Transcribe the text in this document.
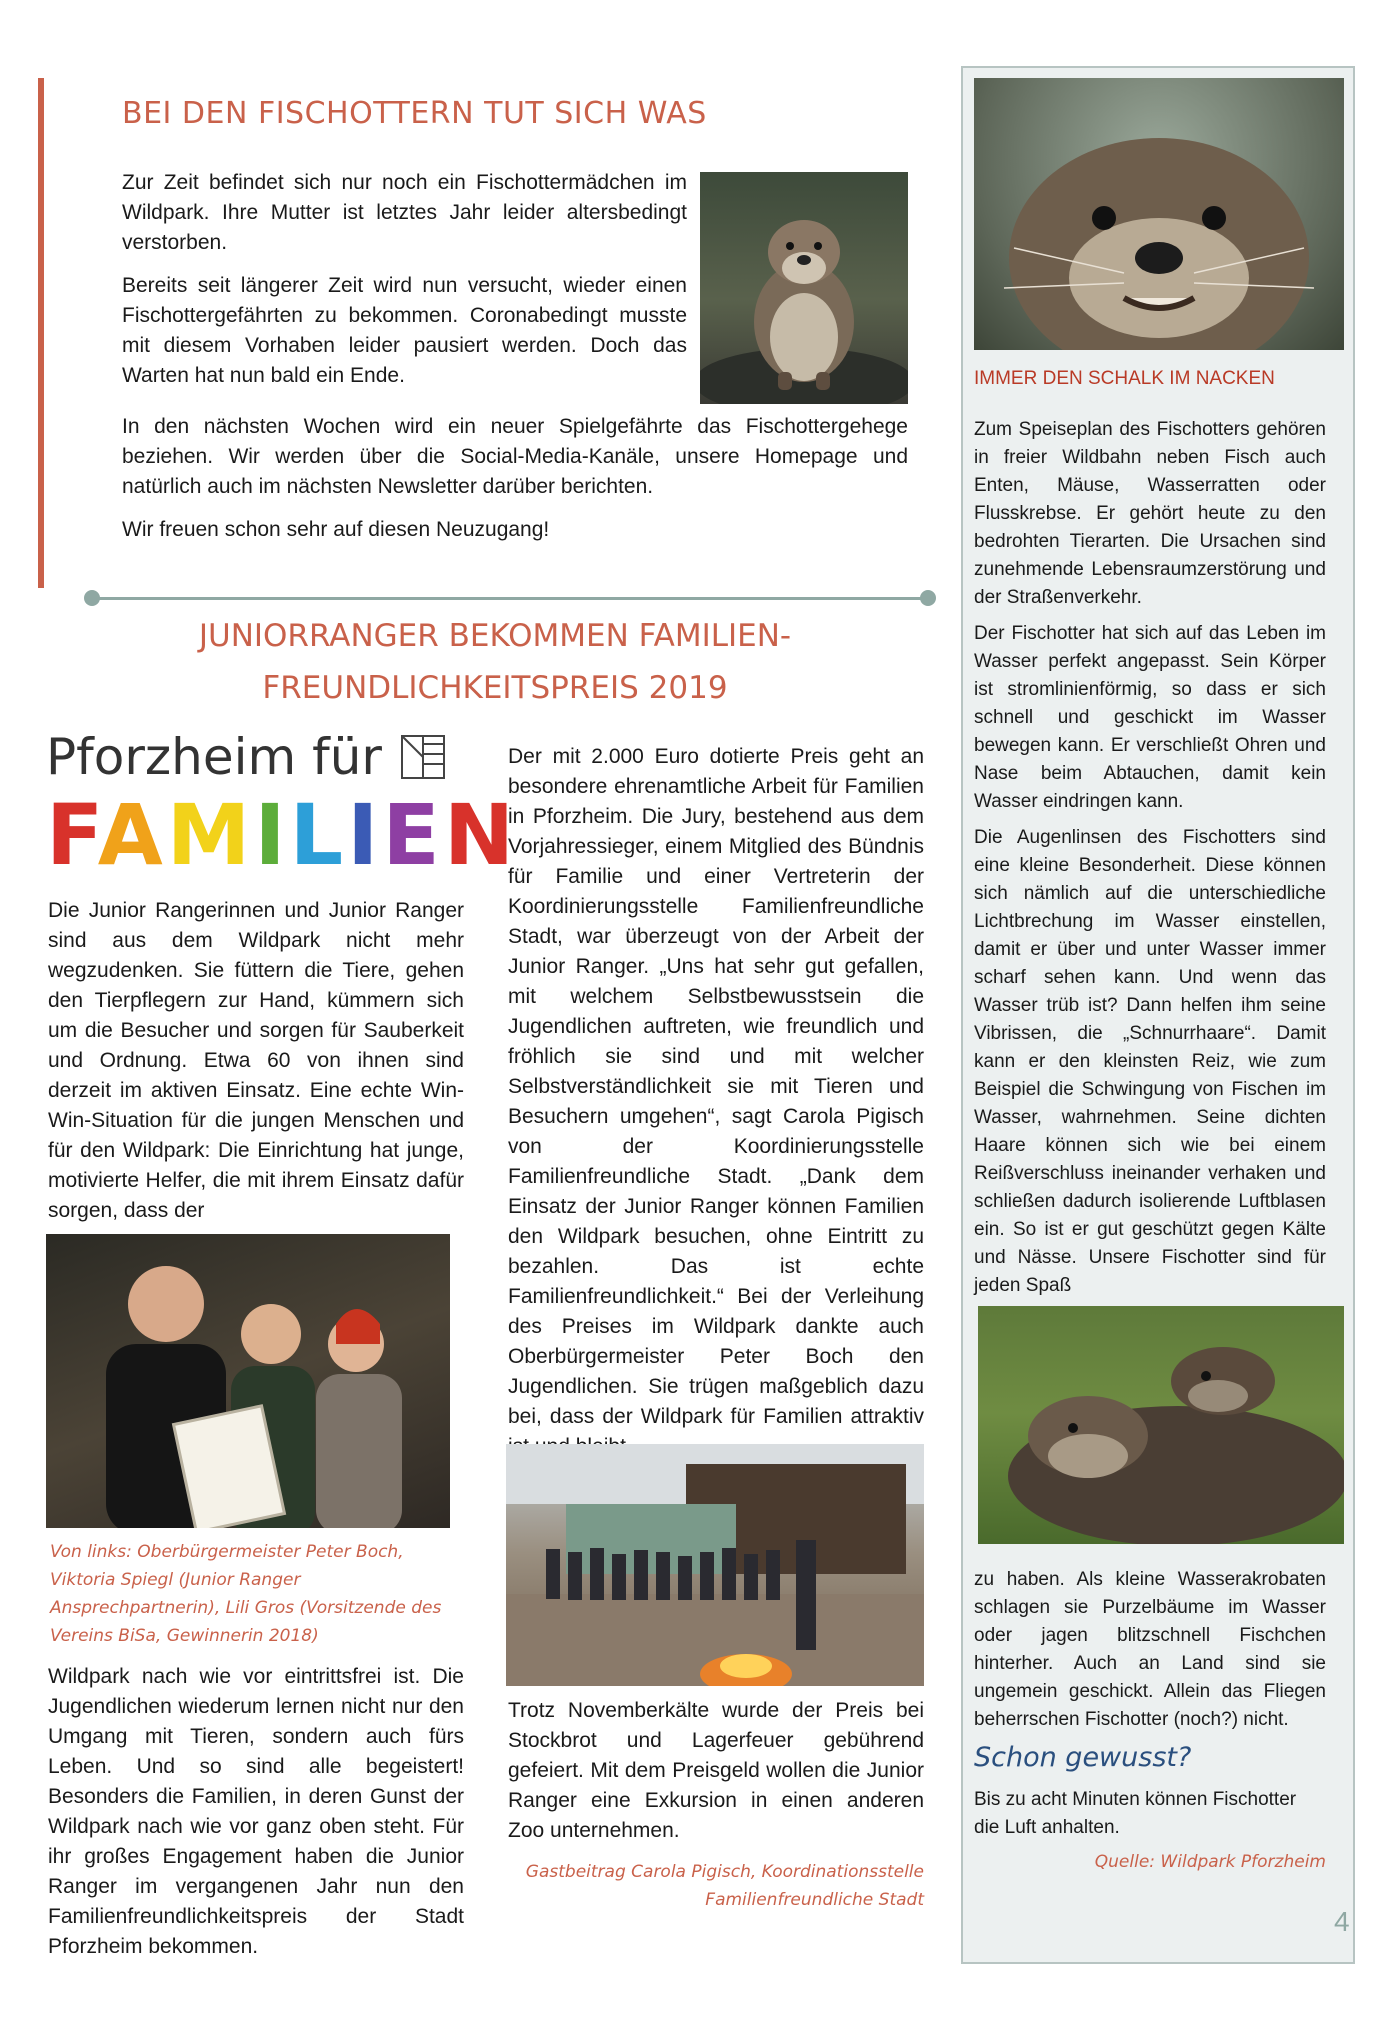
BEI DEN FISCHOTTERN TUT SICH WAS

Zur Zeit befindet sich nur noch ein Fischottermädchen im Wildpark. Ihre Mutter ist letztes Jahr leider altersbedingt verstorben.

Bereits seit längerer Zeit wird nun versucht, wieder einen Fischottergefährten zu bekommen. Coronabedingt musste mit diesem Vorhaben leider pausiert werden. Doch das Warten hat nun bald ein Ende.

In den nächsten Wochen wird ein neuer Spielgefährte das Fischottergehege beziehen. Wir werden über die Social-Media-Kanäle, unsere Homepage und natürlich auch im nächsten Newsletter darüber berichten.

Wir freuen schon sehr auf diesen Neuzugang!

JUNIORRANGER BEKOMMEN FAMILIEN-
FREUNDLICHKEITSPREIS 2019
Pforzheim für
FAMILIEN

Die Junior Rangerinnen und Junior Ranger sind aus dem Wildpark nicht mehr wegzudenken. Sie füttern die Tiere, gehen den Tierpflegern zur Hand, kümmern sich um die Besucher und sorgen für Sauberkeit und Ordnung. Etwa 60 von ihnen sind derzeit im aktiven Einsatz. Eine echte Win-Win-Situation für die jungen Menschen und für den Wildpark: Die Einrichtung hat junge, motivierte Helfer, die mit ihrem Einsatz dafür sorgen, dass der

Von links: Oberbürgermeister Peter Boch, Viktoria Spiegl (Junior Ranger Ansprechpartnerin), Lili Gros (Vorsitzende des Vereins BiSa, Gewinnerin 2018)

Wildpark nach wie vor eintrittsfrei ist. Die Jugendlichen wiederum lernen nicht nur den Umgang mit Tieren, sondern auch fürs Leben. Und so sind alle begeistert! Besonders die Familien, in deren Gunst der Wildpark nach wie vor ganz oben steht. Für ihr großes Engagement haben die Junior Ranger im vergangenen Jahr nun den Familienfreundlichkeitspreis der Stadt Pforzheim bekommen.

Der mit 2.000 Euro dotierte Preis geht an besondere ehrenamtliche Arbeit für Familien in Pforzheim. Die Jury, bestehend aus dem Vorjahressieger, einem Mitglied des Bündnis für Familie und einer Vertreterin der Koordinierungsstelle Familienfreundliche Stadt, war überzeugt von der Arbeit der Junior Ranger. „Uns hat sehr gut gefallen, mit welchem Selbstbewusstsein die Jugendlichen auftreten, wie freundlich und fröhlich sie sind und mit welcher Selbstverständlichkeit sie mit Tieren und Besuchern umgehen“, sagt Carola Pigisch von der Koordinierungsstelle Familienfreundliche Stadt. „Dank dem Einsatz der Junior Ranger können Familien den Wildpark besuchen, ohne Eintritt zu bezahlen. Das ist echte Familienfreundlichkeit.“ Bei der Verleihung des Preises im Wildpark dankte auch Oberbürgermeister Peter Boch den Jugendlichen. Sie trügen maßgeblich dazu bei, dass der Wildpark für Familien attraktiv

Trotz Novemberkälte wurde der Preis bei Stockbrot und Lagerfeuer gebührend gefeiert. Mit dem Preisgeld wollen die Junior Ranger eine Exkursion in einen anderen Zoo unternehmen.

Gastbeitrag Carola Pigisch, Koordinationsstelle
Familienfreundliche Stadt
IMMER DEN SCHALK IM NACKEN

Zum Speiseplan des Fischotters gehören in freier Wildbahn neben Fisch auch Enten, Mäuse, Wasserratten oder Flusskrebse. Er gehört heute zu den bedrohten Tierarten. Die Ursachen sind zunehmende Lebensraumzerstörung und der Straßenverkehr.

Der Fischotter hat sich auf das Leben im Wasser perfekt angepasst. Sein Körper ist stromlinienförmig, so dass er sich schnell und geschickt im Wasser bewegen kann. Er verschließt Ohren und Nase beim Abtauchen, damit kein Wasser eindringen kann.

Die Augenlinsen des Fischotters sind eine kleine Besonderheit. Diese können sich nämlich auf die unterschiedliche Lichtbrechung im Wasser einstellen, damit er über und unter Wasser immer scharf sehen kann. Und wenn das Wasser trüb ist? Dann helfen ihm seine Vibrissen, die „Schnurrhaare“. Damit kann er den kleinsten Reiz, wie zum Beispiel die Schwingung von Fischen im Wasser, wahrnehmen. Seine dichten Haare können sich wie bei einem Reißverschluss ineinander verhaken und schließen dadurch isolierende Luftblasen ein. So ist er gut geschützt gegen Kälte und Nässe. Unsere Fischotter sind für jeden Spaß

zu haben. Als kleine Wasserakrobaten schlagen sie Purzelbäume im Wasser oder jagen blitzschnell Fischchen hinterher. Auch an Land sind sie ungemein geschickt. Allein das Fliegen beherrschen Fischotter (noch?) nicht.

Schon gewusst?
Bis zu acht Minuten können Fischotter die Luft anhalten.
Quelle: Wildpark Pforzheim
4
